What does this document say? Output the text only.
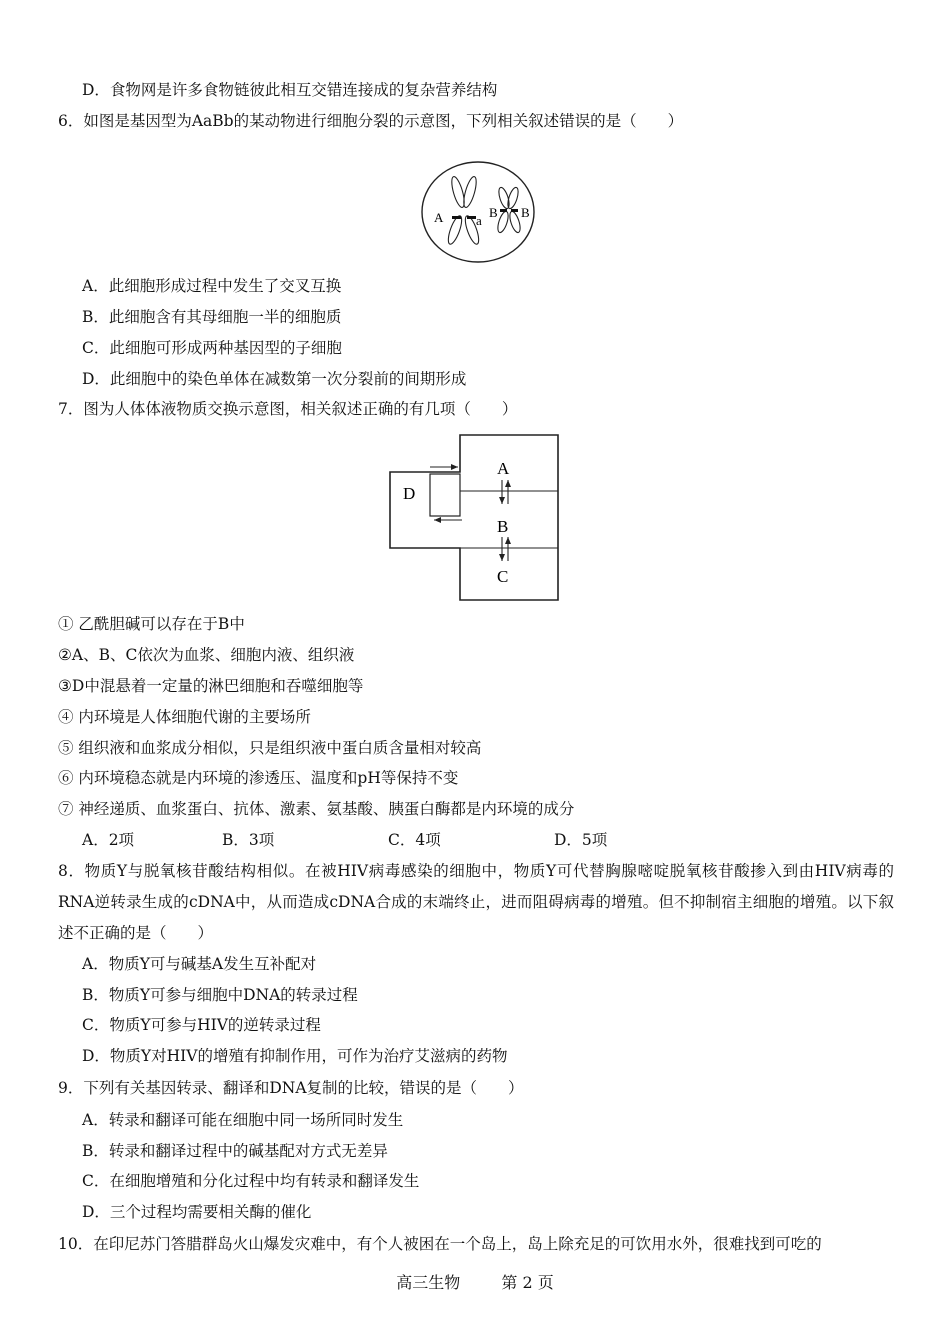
D．食物网是许多食物链彼此相互交错连接成的复杂营养结构
6．如图是基因型为AaBb的某动物进行细胞分裂的示意图，下列相关叙述错误的是（　　）
A	a
B B
A．此细胞形成过程中发生了交叉互换
B．此细胞含有其母细胞一半的细胞质
C．此细胞可形成两种基因型的子细胞
D．此细胞中的染色单体在减数第一次分裂前的间期形成
7．图为人体体液物质交换示意图，相关叙述正确的有几项（　　）
A
B
C
D
① 乙酰胆碱可以存在于B中
②A、B、C依次为血浆、细胞内液、组织液
③D中混悬着一定量的淋巴细胞和吞噬细胞等
④ 内环境是人体细胞代谢的主要场所
⑤ 组织液和血浆成分相似，只是组织液中蛋白质含量相对较高
⑥ 内环境稳态就是内环境的渗透压、温度和pH等保持不变
⑦ 神经递质、血浆蛋白、抗体、激素、氨基酸、胰蛋白酶都是内环境的成分
A．2项	B．3项	C．4项	D．5项
8．物质Y与脱氧核苷酸结构相似。在被HIV病毒感染的细胞中，物质Y可代替胸腺嘧啶脱氧核苷酸掺入到由HIV病毒的RNA逆转录生成的cDNA中，从而造成cDNA合成的末端终止，进而阻碍病毒的增殖。但不抑制宿主细胞的增殖。以下叙述不正确的是（　　）
A．物质Y可与碱基A发生互补配对
B．物质Y可参与细胞中DNA的转录过程
C．物质Y可参与HIV的逆转录过程
D．物质Y对HIV的增殖有抑制作用，可作为治疗艾滋病的药物
9．下列有关基因转录、翻译和DNA复制的比较，错误的是（　　）
A．转录和翻译可能在细胞中同一场所同时发生
B．转录和翻译过程中的碱基配对方式无差异
C．在细胞增殖和分化过程中均有转录和翻译发生
D．三个过程均需要相关酶的催化
10．在印尼苏门答腊群岛火山爆发灾难中，有个人被困在一个岛上，岛上除充足的可饮用水外，很难找到可吃的
高三生物	第 2 页
